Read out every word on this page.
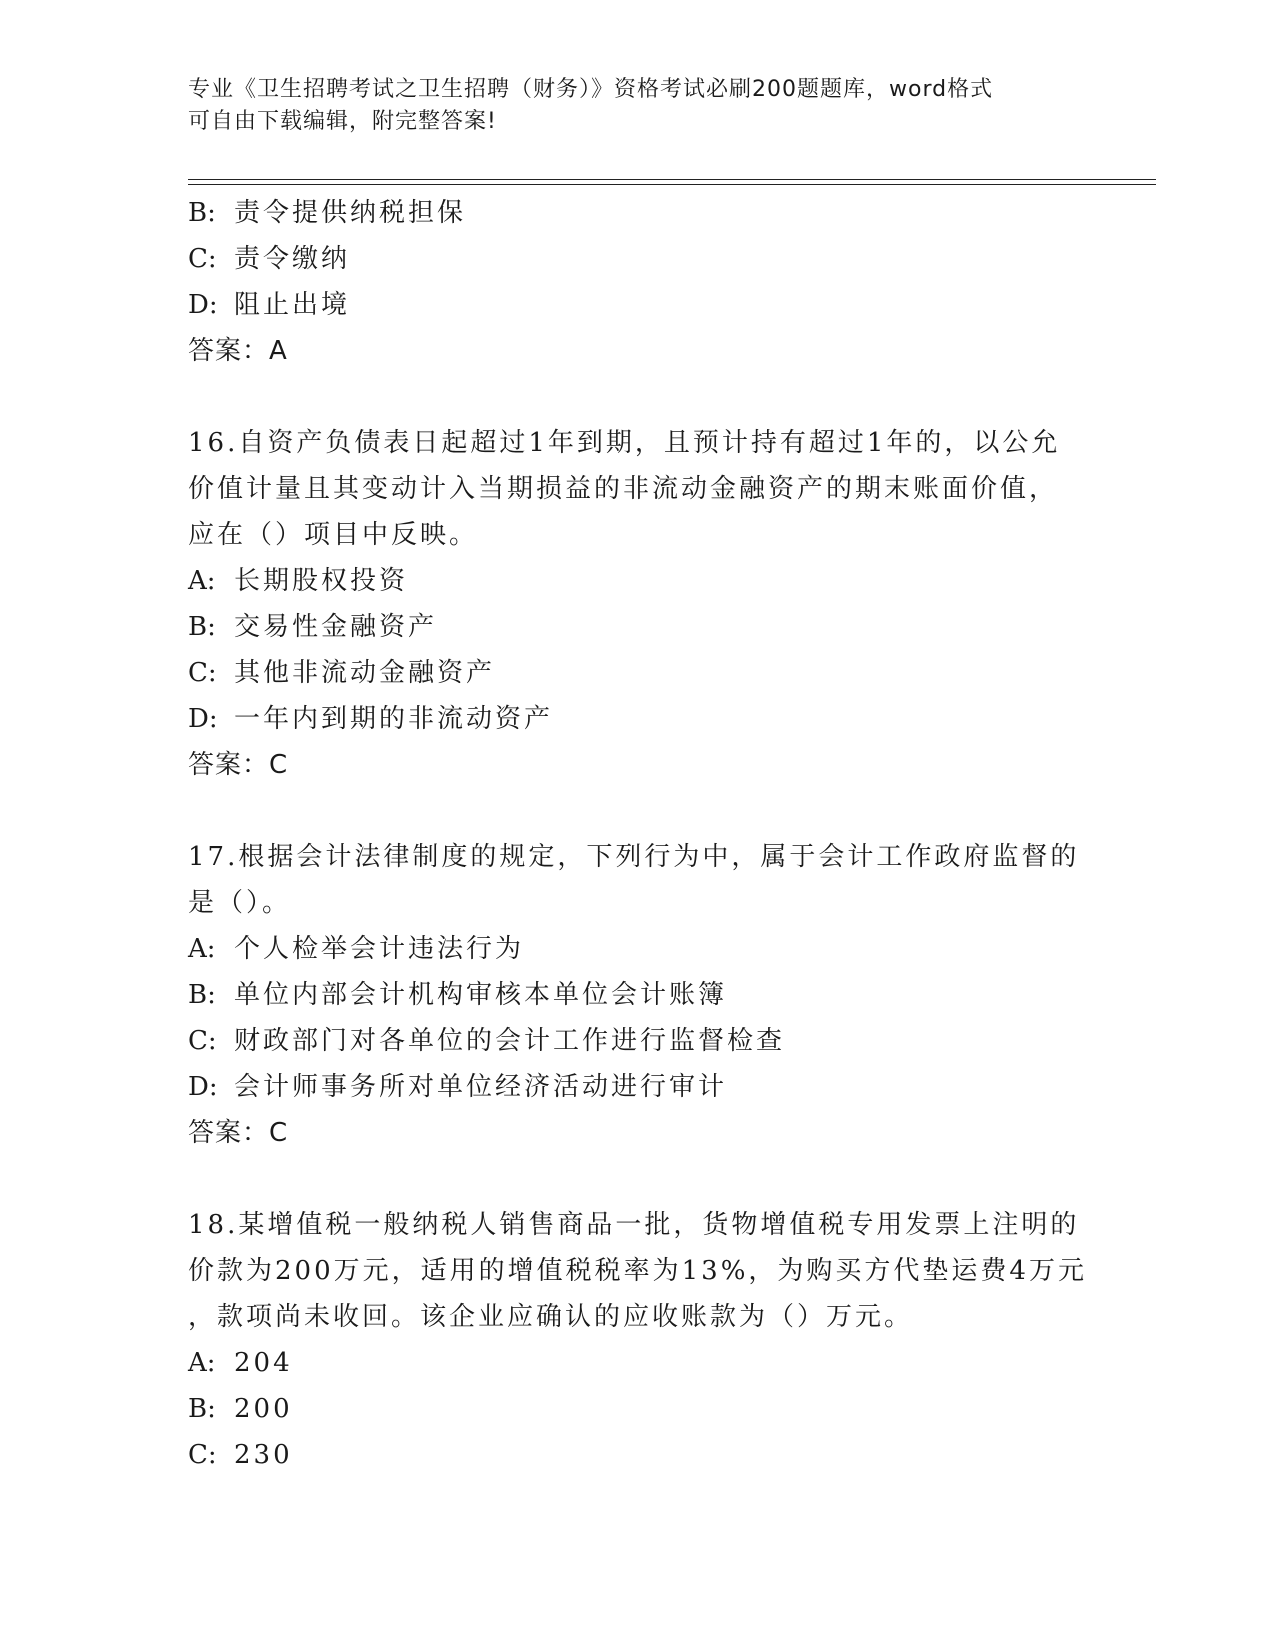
专业《卫生招聘考试之卫生招聘（财务）》资格考试必刷200题题库，word格式
可自由下载编辑，附完整答案!
B: 责令提供纳税担保
C: 责令缴纳
D: 阻止出境
答案：A
16.自资产负债表日起超过1年到期，且预计持有超过1年的，以公允
价值计量且其变动计入当期损益的非流动金融资产的期末账面价值，
应在（）项目中反映。
A: 长期股权投资
B: 交易性金融资产
C: 其他非流动金融资产
D: 一年内到期的非流动资产
答案：C
17.根据会计法律制度的规定，下列行为中，属于会计工作政府监督的
是（）。
A: 个人检举会计违法行为
B: 单位内部会计机构审核本单位会计账簿
C: 财政部门对各单位的会计工作进行监督检查
D: 会计师事务所对单位经济活动进行审计
答案：C
18.某增值税一般纳税人销售商品一批，货物增值税专用发票上注明的
价款为200万元，适用的增值税税率为13%，为购买方代垫运费4万元
，款项尚未收回。该企业应确认的应收账款为（）万元。
A: 204
B: 200
C: 230
